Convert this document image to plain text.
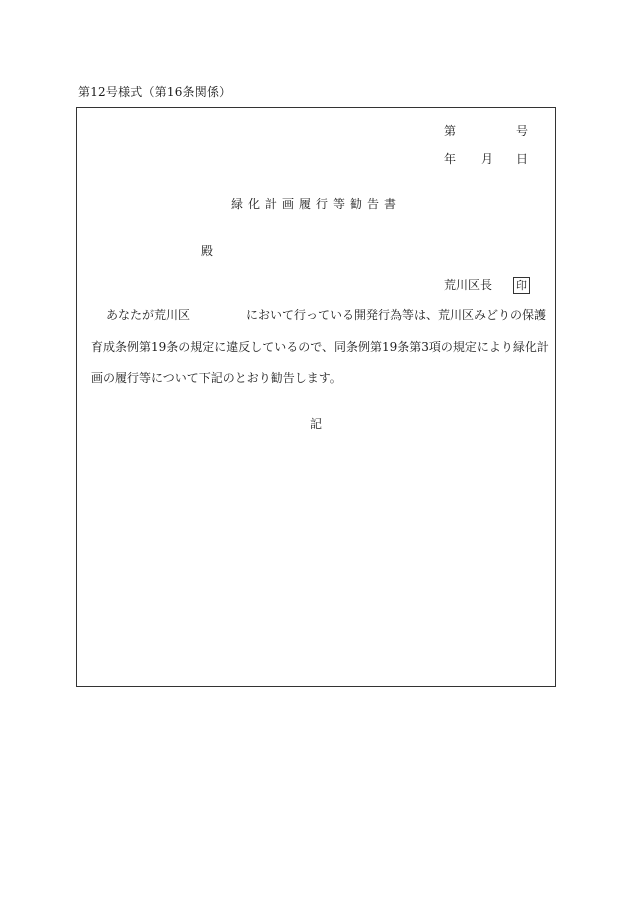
第12号様式（第16条関係）
第	号
年 月 日
緑化計画履行等勧告書
殿
荒川区長 印
あなたが荒川区	において行っている開発行為等は、荒川区みどりの保護
育成条例第19条の規定に違反しているので、同条例第19条第3項の規定により緑化計
画の履行等について下記のとおり勧告します。
記
